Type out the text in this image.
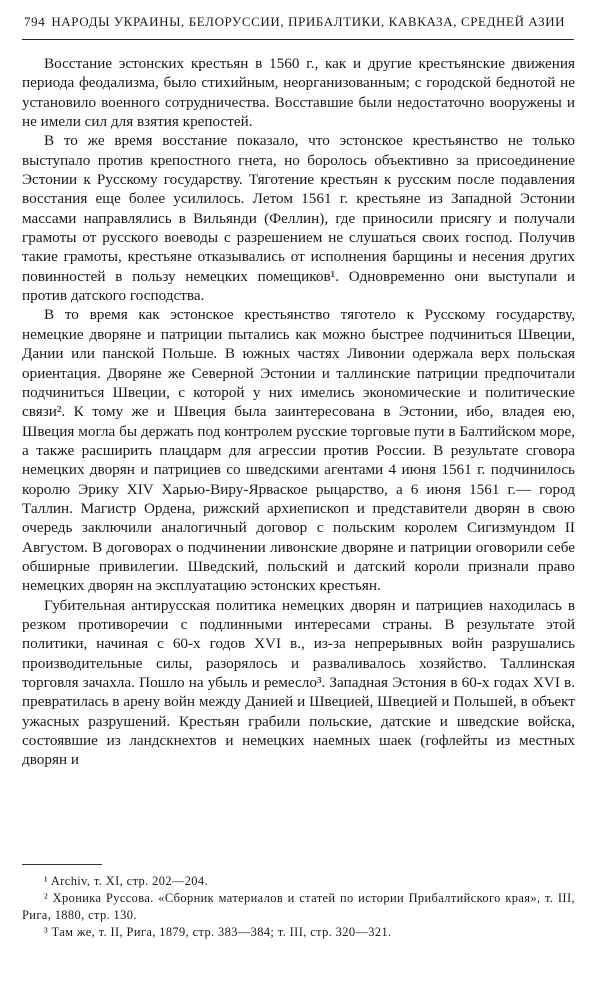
794 НАРОДЫ УКРАИНЫ, БЕЛОРУССИИ, ПРИБАЛТИКИ, КАВКАЗА, СРЕДНЕЙ АЗИИ

Восстание эстонских крестьян в 1560 г., как и другие крестьянские движения периода феодализма, было стихийным, неорганизованным; с городской беднотой не установило военного сотрудничества. Восставшие были недостаточно вооружены и не имели сил для взятия крепостей.

В то же время восстание показало, что эстонское крестьянство не только выступало против крепостного гнета, но боролось объективно за присоединение Эстонии к Русскому государству. Тяготение крестьян к русским после подавления восстания еще более усилилось. Летом 1561 г. крестьяне из Западной Эстонии массами направлялись в Вильянди (Феллин), где приносили присягу и получали грамоты от русского воеводы с разрешением не слушаться своих господ. Получив такие грамоты, крестьяне отказывались от исполнения барщины и несения других повинностей в пользу немецких помещиков¹. Одновременно они выступали и против датского господства.

В то время как эстонское крестьянство тяготело к Русскому государству, немецкие дворяне и патриции пытались как можно быстрее подчиниться Швеции, Дании или панской Польше. В южных частях Ливонии одержала верх польская ориентация. Дворяне же Северной Эстонии и таллинские патриции предпочитали подчиниться Швеции, с которой у них имелись экономические и политические связи². К тому же и Швеция была заинтересована в Эстонии, ибо, владея ею, Швеция могла бы держать под контролем русские торговые пути в Балтийском море, а также расширить плацдарм для агрессии против России. В результате сговора немецких дворян и патрициев со шведскими агентами 4 июня 1561 г. подчинилось королю Эрику XIV Харью-Виру-Ярваское рыцарство, а 6 июня 1561 г.— город Таллин. Магистр Ордена, рижский архиепископ и представители дворян в свою очередь заключили аналогичный договор с польским королем Сигизмундом II Августом. В договорах о подчинении ливонские дворяне и патриции оговорили себе обширные привилегии. Шведский, польский и датский короли признали право немецких дворян на эксплуатацию эстонских крестьян.

Губительная антирусская политика немецких дворян и патрициев находилась в резком противоречии с подлинными интересами страны. В результате этой политики, начиная с 60-х годов XVI в., из-за непрерывных войн разрушались производительные силы, разорялось и разваливалось хозяйство. Таллинская торговля зачахла. Пошло на убыль и ремесло³. Западная Эстония в 60-х годах XVI в. превратилась в арену войн между Данией и Швецией, Швецией и Польшей, в объект ужасных разрушений. Крестьян грабили польские, датские и шведские войска, состоявшие из ландскнехтов и немецких наемных шаек (гофлейты из местных дворян и

¹ Archiv, т. XI, стр. 202—204.

² Хроника Руссова. «Сборник материалов и статей по истории Прибалтийского края», т. III, Рига, 1880, стр. 130.

³ Там же, т. II, Рига, 1879, стр. 383—384; т. III, стр. 320—321.
